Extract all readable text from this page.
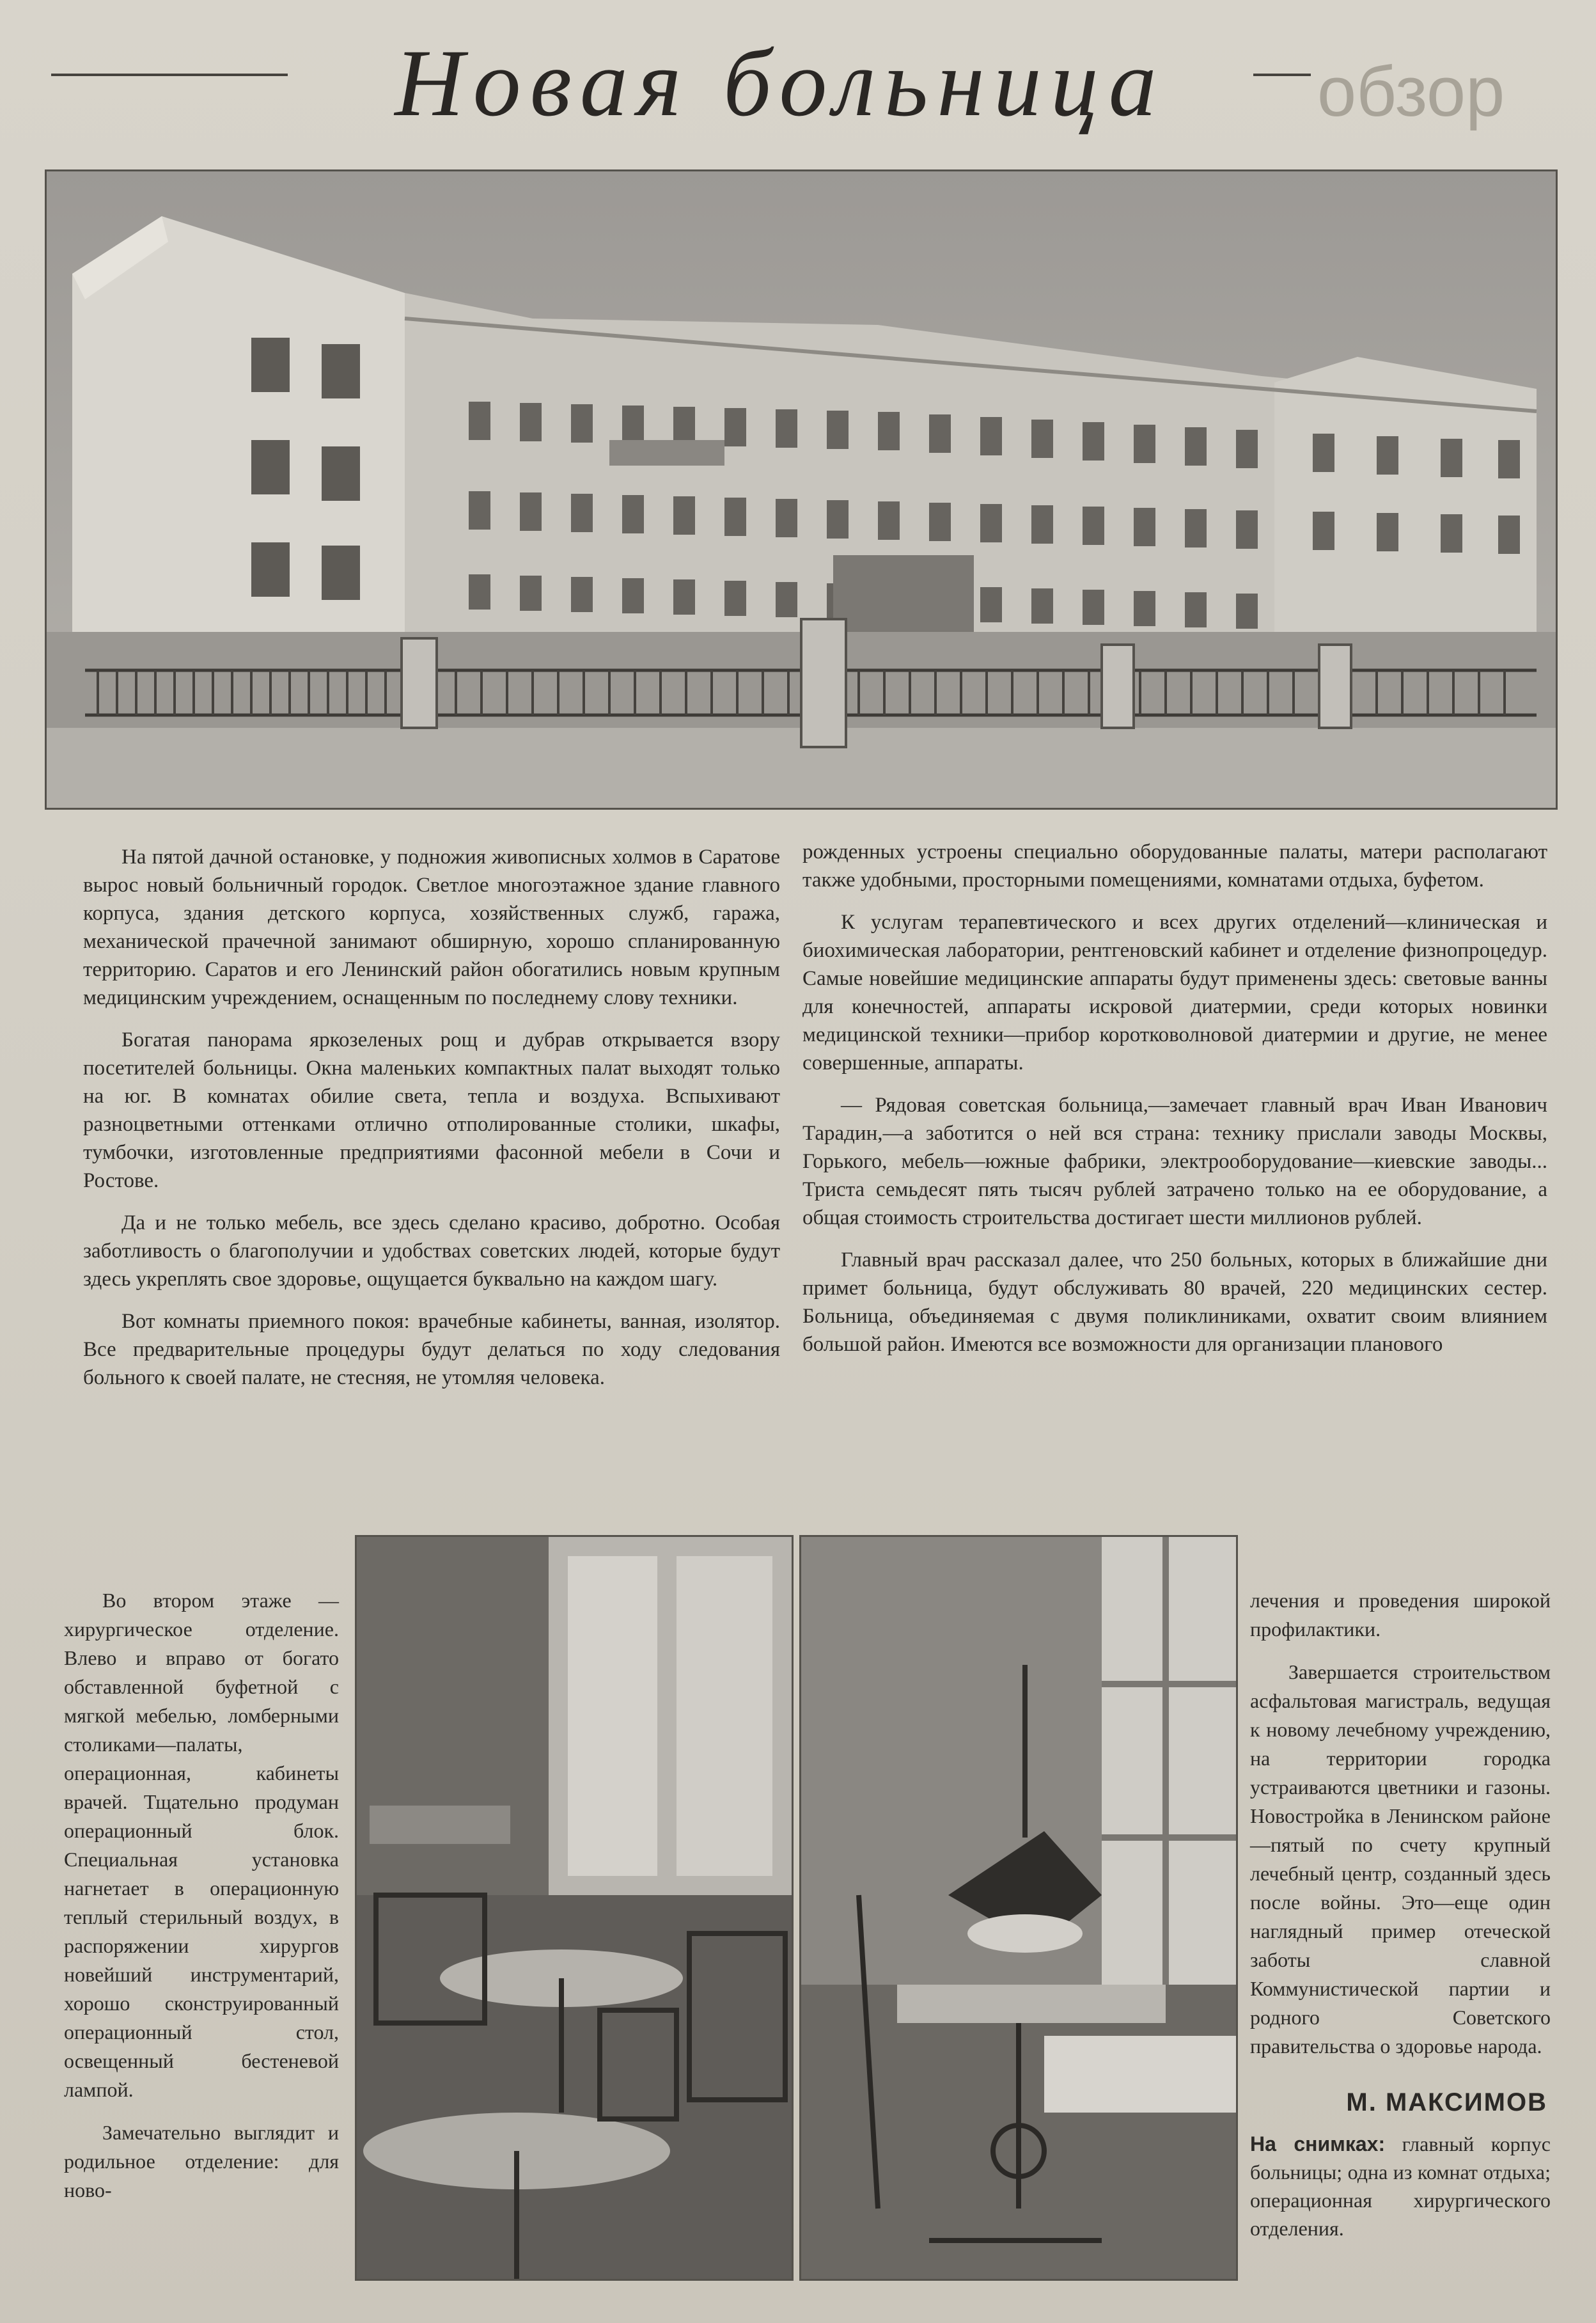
обзор
Новая больница

На пятой дачной остановке, у подножия живописных холмов в Саратове вырос новый больничный городок. Светлое многоэтажное здание главного корпуса, здания детского корпуса, хозяйственных служб, гаража, механической прачечной занимают обширную, хорошо спланированную территорию. Саратов и его Ленинский район обогатились новым крупным медицинским учреждением, оснащенным по последнему слову техники.

Богатая панорама яркозеленых рощ и дубрав открывается взору посетителей больницы. Окна маленьких компактных палат выходят только на юг. В комнатах обилие света, тепла и воздуха. Вспыхивают разноцветными оттенками отлично отполированные столики, шкафы, тумбочки, изготовленные предприятиями фасонной мебели в Сочи и Ростове.

Да и не только мебель, все здесь сделано красиво, добротно. Особая заботливость о благополучии и удобствах советских людей, которые будут здесь укреплять свое здоровье, ощущается буквально на каждом шагу.

Вот комнаты приемного покоя: врачебные кабинеты, ванная, изолятор. Все предварительные процедуры будут делаться по ходу следования больного к своей палате, не стесняя, не утомляя человека.

рожденных устроены специально оборудованные палаты, матери располагают также удобными, просторными помещениями, комнатами отдыха, буфетом.

К услугам терапевтического и всех других отделений—клиническая и биохимическая лаборатории, рентгеновский кабинет и отделение физнопроцедур. Самые новейшие медицинские аппараты будут применены здесь: световые ванны для конечностей, аппараты искровой диатермии, среди которых новинки медицинской техники—прибор коротковолновой диатермии и другие, не менее совершенные, аппараты.

— Рядовая советская больница,—замечает главный врач Иван Иванович Тарадин,—а заботится о ней вся страна: технику прислали заводы Москвы, Горького, мебель—южные фабрики, электрооборудование—киевские заводы... Триста семьдесят пять тысяч рублей затрачено только на ее оборудование, а общая стоимость строительства достигает шести миллионов рублей.

Главный врач рассказал далее, что 250 больных, которых в ближайшие дни примет больница, будут обслуживать 80 врачей, 220 медицинских сестер. Больница, объединяемая с двумя поликлиниками, охватит своим влиянием большой район. Имеются все возможности для организации планового

Во втором этаже — хирургическое отделение. Влево и вправо от богато обставленной буфетной с мягкой мебелью, ломберными столиками—палаты, операционная, кабинеты врачей. Тщательно продуман операционный блок. Специальная установка нагнетает в операционную теплый стерильный воздух, в распоряжении хирургов новейший инструментарий, хорошо сконструированный операционный стол, освещенный бестеневой лампой.

Замечательно выглядит и родильное отделение: для ново-

лечения и проведения широкой профилактики.

Завершается строительством асфальтовая магистраль, ведущая к новому лечебному учреждению, на территории городка устраиваются цветники и газоны. Новостройка в Ленинском районе—пятый по счету крупный лечебный центр, созданный здесь после войны. Это—еще один наглядный пример отеческой заботы славной Коммунистической партии и родного Советского правительства о здоровье народа.

М. МАКСИМОВ
На снимках: главный корпус больницы; одна из комнат отдыха; операционная хирургического отделения.
